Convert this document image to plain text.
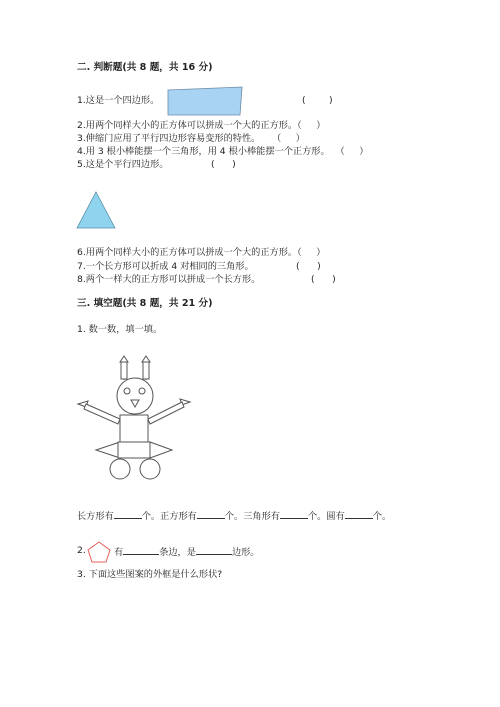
二. 判断题(共 8 题，共 16 分)
1.这是一个四边形。	(        )
2.用两个同样大小的正方体可以拼成一个大的正方形。（     ）
3.伸缩门应用了平行四边形容易变形的特性。    （     ）
4.用 3 根小棒能摆一个三角形，用 4 根小棒能摆一个正方形。  （     ）
5.这是个平行四边形。	(      )
6.用两个同样大小的正方体可以拼成一个大的正方形。（     ）
7.一个长方形可以折成 4 对相同的三角形。	(      )
8.两个一样大的正方形可以拼成一个长方形。	(      )
三. 填空题(共 8 题，共 21 分)
1. 数一数，填一填。
长方形有	个。正方形有	个。三角形有	个。圆有	个。
2.	有	条边，是	边形。
3. 下面这些图案的外框是什么形状?
